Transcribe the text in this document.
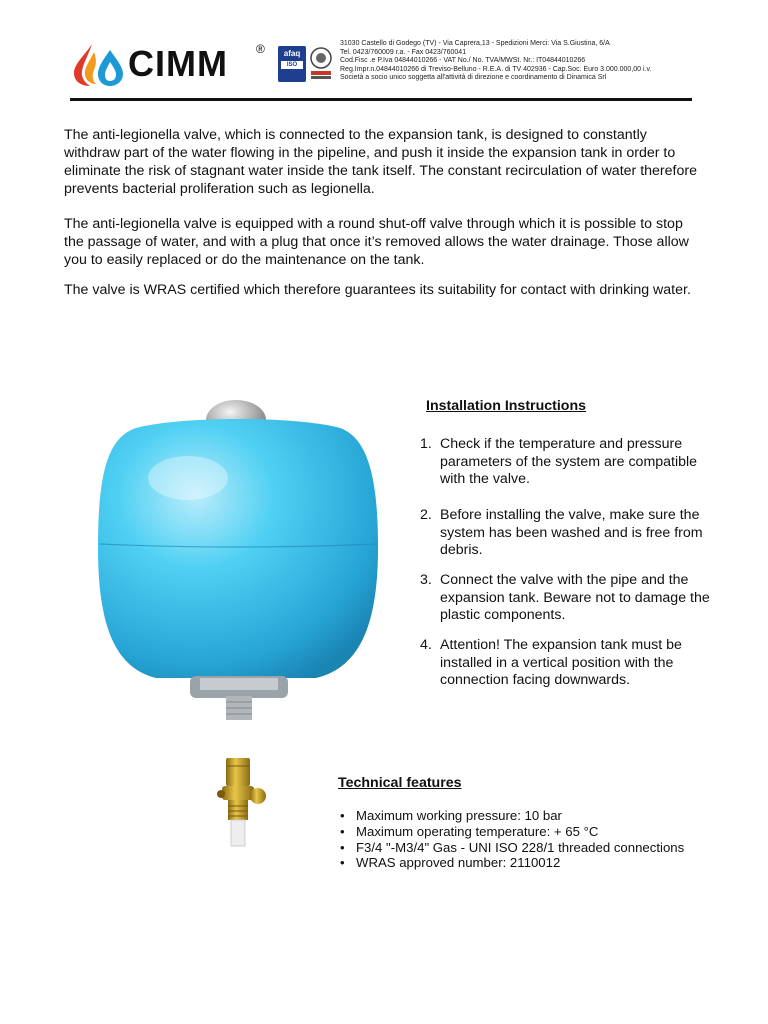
CIMM ®	afaq
ISO 9001
31030 Castello di Godego (TV) - Via Caprera,13 - Spedizioni Merci: Via S.Giustina, 6/A
Tel. 0423/760009 r.a. - Fax 0423/760041
Cod.Fisc .e P.Iva 04844010266 - VAT No./ No. TVA/MWSt. Nr.: IT04844010266
Reg.Impr.n.04844010266 di Treviso-Belluno - R.E.A. di TV 402936 - Cap.Soc. Euro 3.000.000,00 i.v.
Società a socio unico soggetta all'attività di direzione e coordinamento di Dinamica Srl

The anti-legionella valve, which is connected to the expansion tank, is designed to constantly withdraw part of the water flowing in the pipeline, and push it inside the expansion tank in order to eliminate the risk of stagnant water inside the tank itself. The constant recirculation of water therefore prevents bacterial proliferation such as legionella.

The anti-legionella valve is equipped with a round shut-off valve through which it is possible to stop the passage of water, and with a plug that once it’s removed allows the water drainage. Those allow you to easily replaced or do the maintenance on the tank.

The valve is WRAS certified which therefore guarantees its suitability for contact with drinking water.

Installation Instructions
1. Check if the temperature and pressure parameters of the system are compatible with the valve.
2. Before installing the valve, make sure the system has been washed and is free from debris.
3. Connect the valve with the pipe and the expansion tank. Beware not to damage the plastic components.
4. Attention! The expansion tank must be installed in a vertical position with the connection facing downwards.
Technical features
• Maximum working pressure: 10 bar
• Maximum operating temperature: + 65 °C
• F3/4 "-M3/4" Gas - UNI ISO 228/1 threaded connections
• WRAS approved number: 2110012
